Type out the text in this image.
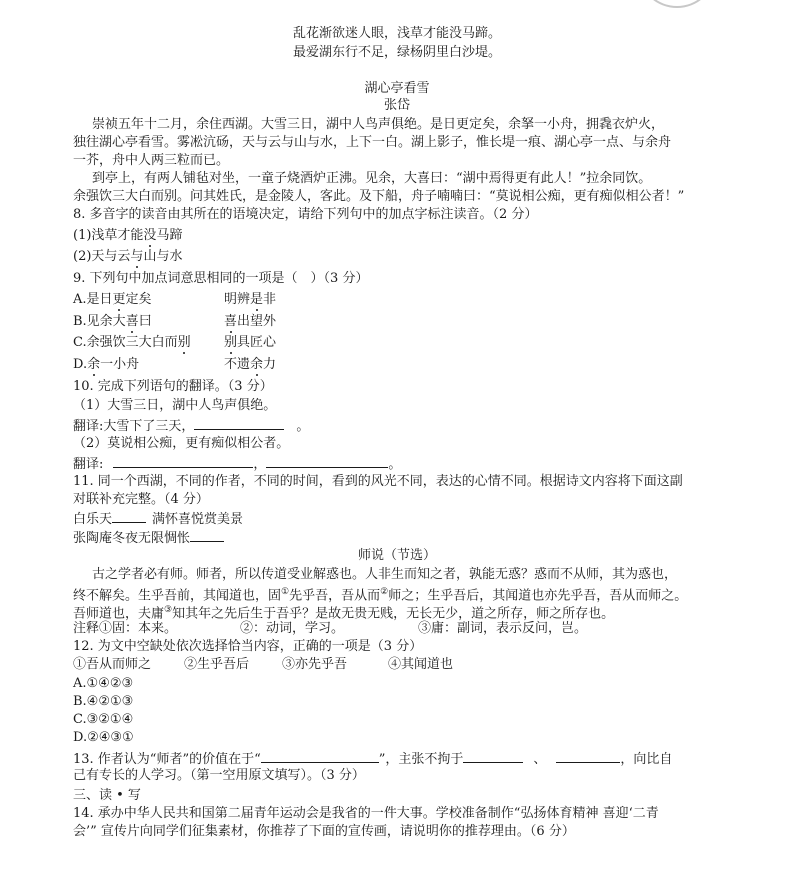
乱花渐欲迷人眼，浅草才能没马蹄。
最爱湖东行不足，绿杨阴里白沙堤。
湖心亭看雪
张岱
崇祯五年十二月，余住西湖。大雪三日，湖中人鸟声俱绝。是日更定矣，余拏一小舟，拥毳衣炉火，
独往湖心亭看雪。雾凇沆砀，天与云与山与水，上下一白。湖上影子，惟长堤一痕、湖心亭一点、与余舟
一芥，舟中人两三粒而已。
到亭上，有两人铺毡对坐，一童子烧酒炉正沸。见余，大喜曰：“湖中焉得更有此人！”拉余同饮。
余强饮三大白而别。问其姓氏，是金陵人，客此。及下船，舟子喃喃曰：“莫说相公痴，更有痴似相公者！”
8. 多音字的读音由其所在的语境决定，请给下列句中的加点字标注读音。（2 分）
(1)浅草才能没马蹄
(2)天与云与山与水
9. 下列句中加点词意思相同的一项是（　）（3 分）
A.是日更定矣	明辨是非
B.见余大喜曰	喜出望外
C.余强饮三大白而别	别具匠心
D.余一小舟	不遗余力
10. 完成下列语句的翻译。（3 分）
（1）大雪三日，湖中人鸟声俱绝。
翻译:大雪下了三天，	。
（2）莫说相公痴，更有痴似相公者。
翻译:	，	。
11. 同一个西湖，不同的作者，不同的时间，看到的风光不同，表达的心情不同。根据诗文内容将下面这副
对联补充完整。（4 分）
白乐天	满怀喜悦赏美景
张陶庵冬夜无限惆怅
师说（节选）
古之学者必有师。师者，所以传道受业解惑也。人非生而知之者，孰能无惑？惑而不从师，其为惑也，
终不解矣。生乎吾前，其闻道也，固①先乎吾，吾从而②师之；生乎吾后，其闻道也亦先乎吾，吾从而师之。
吾师道也，夫庸③知其年之先后生于吾乎？是故无贵无贱，无长无少，道之所存，师之所存也。
注释①固：本来。	②：动词，学习。	③庸：副词，表示反问，岂。
12. 为文中空缺处依次选择恰当内容，正确的一项是（3 分）
①吾从而师之	②生乎吾后	③亦先乎吾	④其闻道也
A.①④②③
B.④②①③
C.③②①④
D.②④③①
13. 作者认为“师者”的价值在于“	”，主张不拘于	、	，向比自
己有专长的人学习。（第一空用原文填写）。（3 分）
三、读 • 写
14. 承办中华人民共和国第二届青年运动会是我省的一件大事。学校准备制作“弘扬体育精神 喜迎‘二青
会’” 宣传片向同学们征集素材，你推荐了下面的宣传画，请说明你的推荐理由。（6 分）
